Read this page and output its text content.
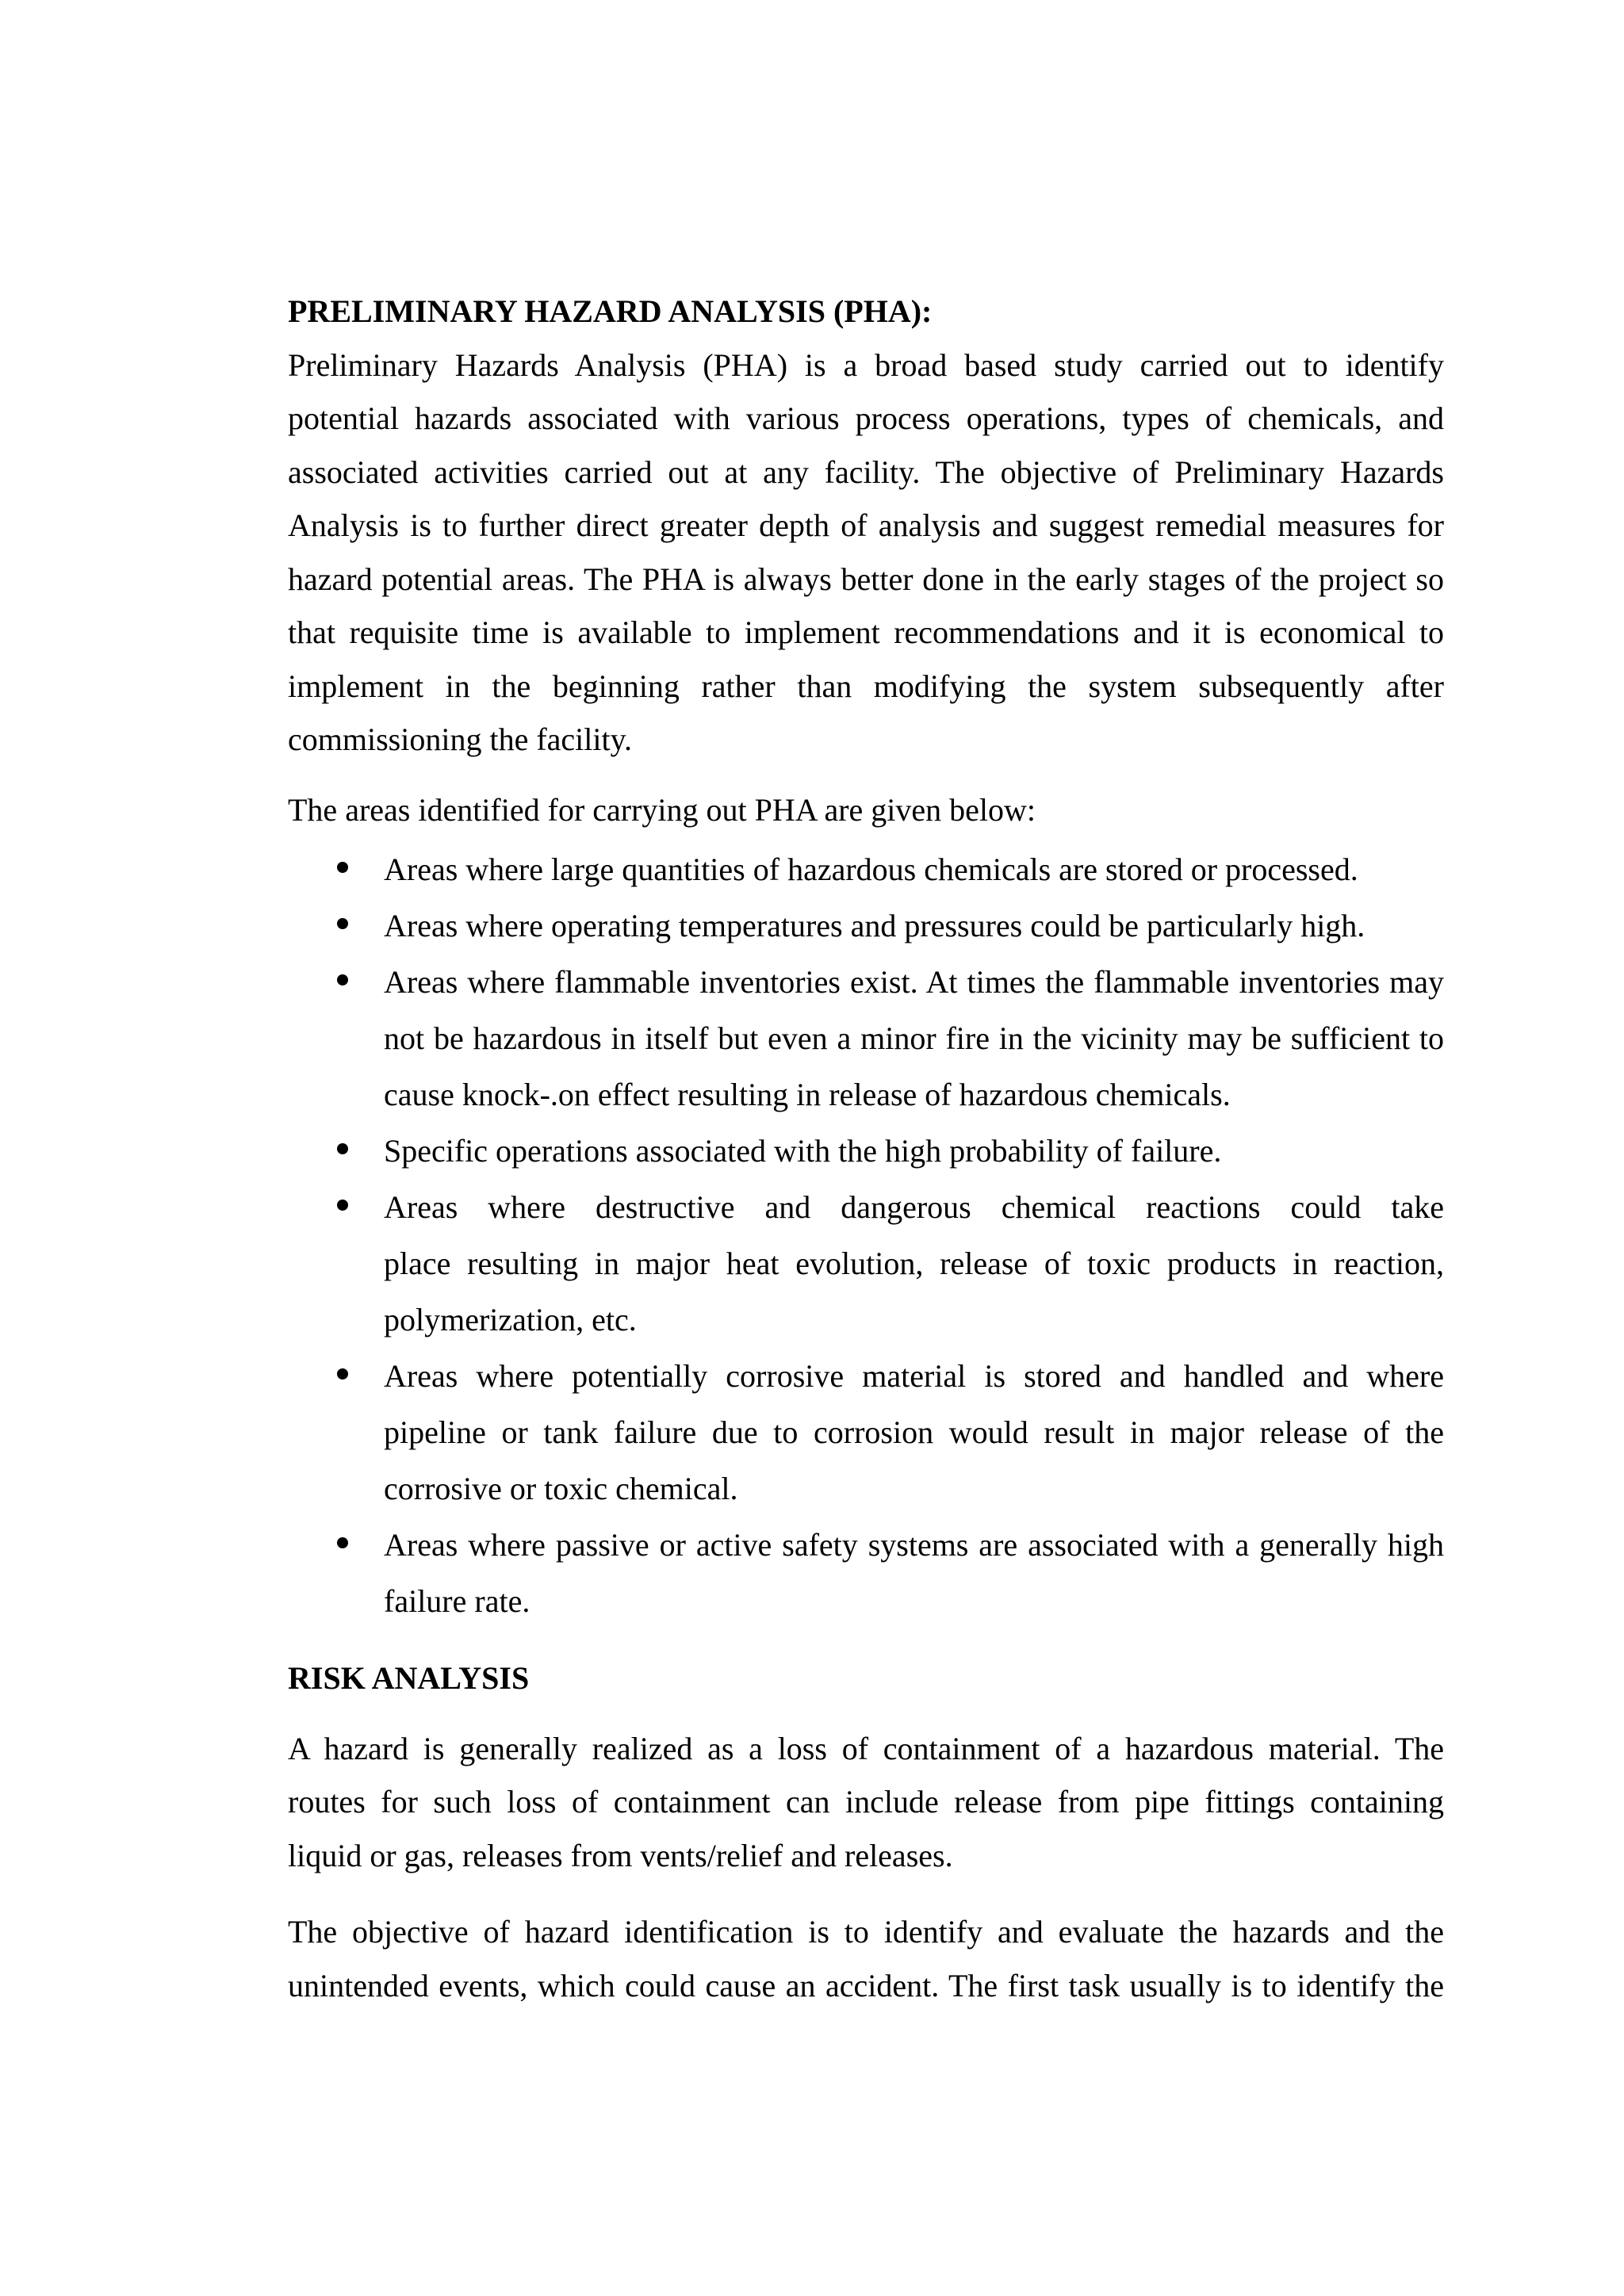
PRELIMINARY HAZARD ANALYSIS (PHA):
Preliminary Hazards Analysis (PHA) is a broad based study carried out to identify
potential hazards associated with various process operations, types of chemicals, and
associated activities carried out at any facility. The objective of Preliminary Hazards
Analysis is to further direct greater depth of analysis and suggest remedial measures for
hazard potential areas. The PHA is always better done in the early stages of the project so
that requisite time is available to implement recommendations and it is economical to
implement in the beginning rather than modifying the system subsequently after
commissioning the facility.
The areas identified for carrying out PHA are given below:
Areas where large quantities of hazardous chemicals are stored or processed.
Areas where operating temperatures and pressures could be particularly high.
Areas where flammable inventories exist. At times the flammable inventories may
not be hazardous in itself but even a minor fire in the vicinity may be sufficient to
cause knock-.on effect resulting in release of hazardous chemicals.
Specific operations associated with the high probability of failure.
Areas where destructive and dangerous chemical reactions could take
place resulting in major heat evolution, release of toxic products in reaction,
polymerization, etc.
Areas where potentially corrosive material is stored and handled and where
pipeline or tank failure due to corrosion would result in major release of the
corrosive or toxic chemical.
Areas where passive or active safety systems are associated with a generally high
failure rate.
RISK ANALYSIS
A hazard is generally realized as a loss of containment of a hazardous material. The
routes for such loss of containment can include release from pipe fittings containing
liquid or gas, releases from vents/relief and releases.
The objective of hazard identification is to identify and evaluate the hazards and the
unintended events, which could cause an accident. The first task usually is to identify the
